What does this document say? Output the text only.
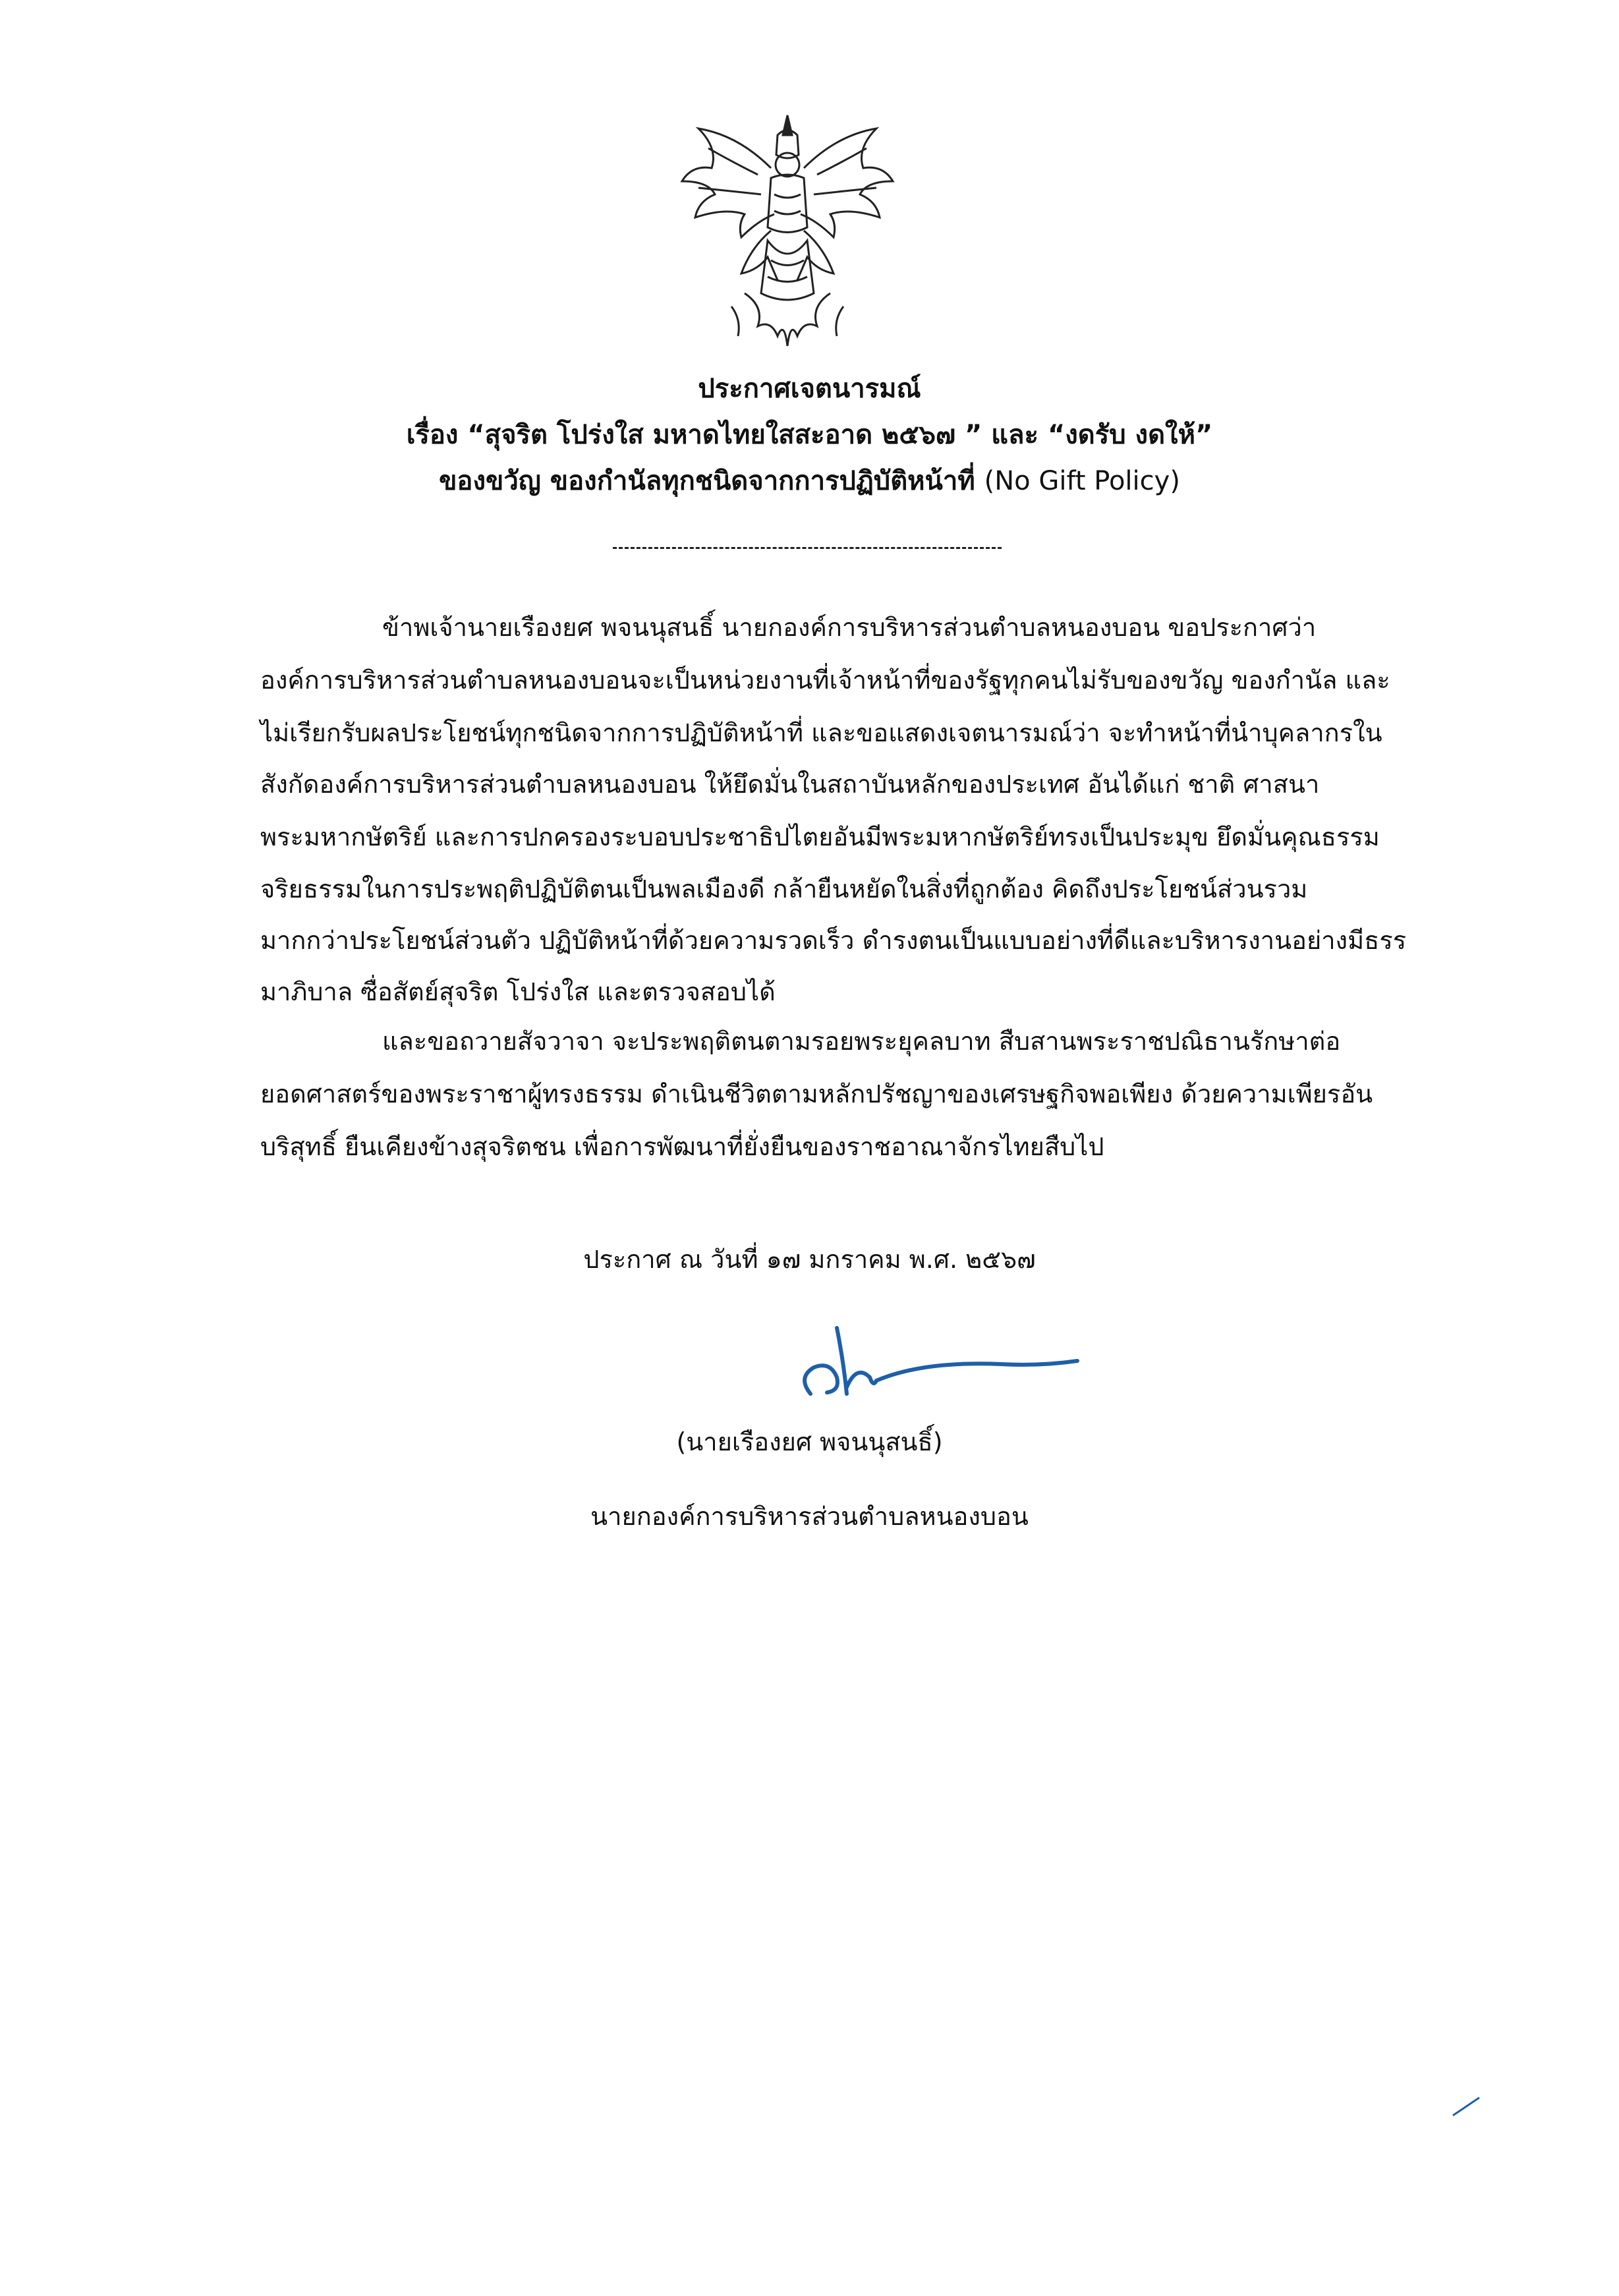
ประกาศเจตนารมณ์
เรื่อง “สุจริต โปร่งใส มหาดไทยใสสะอาด ๒๕๖๗ ” และ “งดรับ งดให้”
ของขวัญ ของกำนัลทุกชนิดจากการปฏิบัติหน้าที่ (No Gift Policy)
ข้าพเจ้านายเรืองยศ พจนนุสนธิ์ นายกองค์การบริหารส่วนตำบลหนองบอน ขอประกาศว่า
องค์การบริหารส่วนตำบลหนองบอนจะเป็นหน่วยงานที่เจ้าหน้าที่ของรัฐทุกคนไม่รับของขวัญ ของกำนัล และ
ไม่เรียกรับผลประโยชน์ทุกชนิดจากการปฏิบัติหน้าที่ และขอแสดงเจตนารมณ์ว่า จะทำหน้าที่นำบุคลากรใน
สังกัดองค์การบริหารส่วนตำบลหนองบอน ให้ยึดมั่นในสถาบันหลักของประเทศ อันได้แก่ ชาติ ศาสนา
พระมหากษัตริย์ และการปกครองระบอบประชาธิปไตยอันมีพระมหากษัตริย์ทรงเป็นประมุข ยึดมั่นคุณธรรม
จริยธรรมในการประพฤติปฏิบัติตนเป็นพลเมืองดี กล้ายืนหยัดในสิ่งที่ถูกต้อง คิดถึงประโยชน์ส่วนรวม
มากกว่าประโยชน์ส่วนตัว ปฏิบัติหน้าที่ด้วยความรวดเร็ว ดำรงตนเป็นแบบอย่างที่ดีและบริหารงานอย่างมีธรร
มาภิบาล ซื่อสัตย์สุจริต โปร่งใส และตรวจสอบได้
และขอถวายสัจวาจา จะประพฤติตนตามรอยพระยุคลบาท สืบสานพระราชปณิธานรักษาต่อ
ยอดศาสตร์ของพระราชาผู้ทรงธรรม ดำเนินชีวิตตามหลักปรัชญาของเศรษฐกิจพอเพียง ด้วยความเพียรอัน
บริสุทธิ์ ยืนเคียงข้างสุจริตชน เพื่อการพัฒนาที่ยั่งยืนของราชอาณาจักรไทยสืบไป
ประกาศ ณ วันที่ ๑๗ มกราคม พ.ศ. ๒๕๖๗
(นายเรืองยศ พจนนุสนธิ์)
นายกองค์การบริหารส่วนตำบลหนองบอน
